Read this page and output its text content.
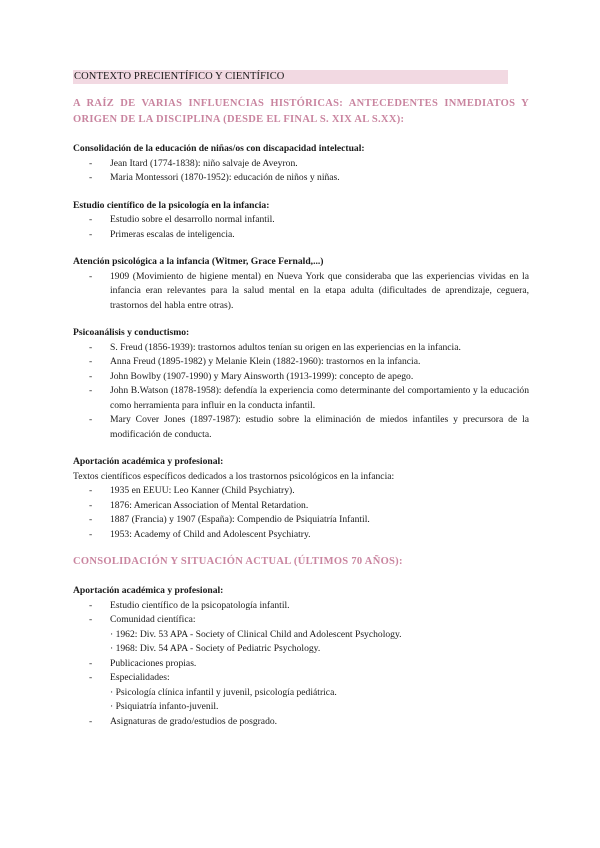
CONTEXTO PRECIENTÍFICO Y CIENTÍFICO
A RAÍZ DE VARIAS INFLUENCIAS HISTÓRICAS: ANTECEDENTES INMEDIATOS Y ORIGEN DE LA DISCIPLINA (DESDE EL FINAL S. XIX AL S.XX):
Consolidación de la educación de niñas/os con discapacidad intelectual:
- Jean Itard (1774-1838): niño salvaje de Aveyron.
- Maria Montessori (1870-1952): educación de niños y niñas.
Estudio científico de la psicología en la infancia:
- Estudio sobre el desarrollo normal infantil.
- Primeras escalas de inteligencia.
Atención psicológica a la infancia (Witmer, Grace Fernald,...)
- 1909 (Movimiento de higiene mental) en Nueva York que consideraba que las experiencias vividas en la infancia eran relevantes para la salud mental en la etapa adulta (dificultades de aprendizaje, ceguera, trastornos del habla entre otras).
Psicoanálisis y conductismo:
- S. Freud (1856-1939): trastornos adultos tenían su origen en las experiencias en la infancia.
- Anna Freud (1895-1982) y Melanie Klein (1882-1960): trastornos en la infancia.
- John Bowlby (1907-1990) y Mary Ainsworth (1913-1999): concepto de apego.
- John B.Watson (1878-1958): defendía la experiencia como determinante del comportamiento y la educación como herramienta para influir en la conducta infantil.
- Mary Cover Jones (1897-1987): estudio sobre la eliminación de miedos infantiles y precursora de la modificación de conducta.
Aportación académica y profesional:
Textos científicos específicos dedicados a los trastornos psicológicos en la infancia:
- 1935 en EEUU: Leo Kanner (Child Psychiatry).
- 1876: American Association of Mental Retardation.
- 1887 (Francia) y 1907 (España): Compendio de Psiquiatría Infantil.
- 1953: Academy of Child and Adolescent Psychiatry.
CONSOLIDACIÓN Y SITUACIÓN ACTUAL (ÚLTIMOS 70 AÑOS):
Aportación académica y profesional:
- Estudio científico de la psicopatología infantil.
- Comunidad científica:
· 1962: Div. 53 APA - Society of Clinical Child and Adolescent Psychology.
· 1968: Div. 54 APA - Society of Pediatric Psychology.
- Publicaciones propias.
- Especialidades:
· Psicología clínica infantil y juvenil, psicología pediátrica.
· Psiquiatría infanto-juvenil.
- Asignaturas de grado/estudios de posgrado.
